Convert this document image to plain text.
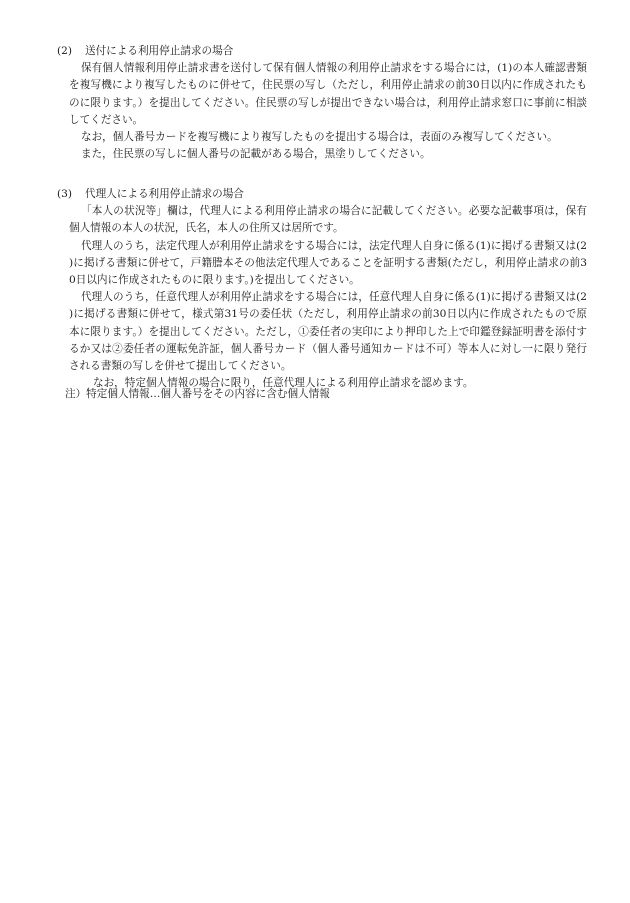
(2)	送付による利用停止請求の場合

保有個人情報利用停止請求書を送付して保有個人情報の利用停止請求をする場合には，(1)の本人確認書類を複写機により複写したものに併せて，住民票の写し（ただし，利用停止請求の前30日以内に作成されたものに限ります。）を提出してください。住民票の写しが提出できない場合は，利用停止請求窓口に事前に相談してください。

なお，個人番号カードを複写機により複写したものを提出する場合は，表面のみ複写してください。

また，住民票の写しに個人番号の記載がある場合，黒塗りしてください。

(3)	代理人による利用停止請求の場合

「本人の状況等」欄は，代理人による利用停止請求の場合に記載してください。必要な記載事項は，保有個人情報の本人の状況，氏名，本人の住所又は居所です。

代理人のうち，法定代理人が利用停止請求をする場合には，法定代理人自身に係る(1)に掲げる書類又は(2)に掲げる書類に併せて，戸籍謄本その他法定代理人であることを証明する書類(ただし，利用停止請求の前30日以内に作成されたものに限ります。)を提出してください。

代理人のうち，任意代理人が利用停止請求をする場合には，任意代理人自身に係る(1)に掲げる書類又は(2)に掲げる書類に併せて，様式第31号の委任状（ただし，利用停止請求の前30日以内に作成されたもので原本に限ります。）を提出してください。ただし，①委任者の実印により押印した上で印鑑登録証明書を添付するか又は②委任者の運転免許証，個人番号カード（個人番号通知カードは不可）等本人に対し一に限り発行される書類の写しを併せて提出してください。

なお，特定個人情報の場合に限り，任意代理人による利用停止請求を認めます。

注）特定個人情報…個人番号をその内容に含む個人情報
